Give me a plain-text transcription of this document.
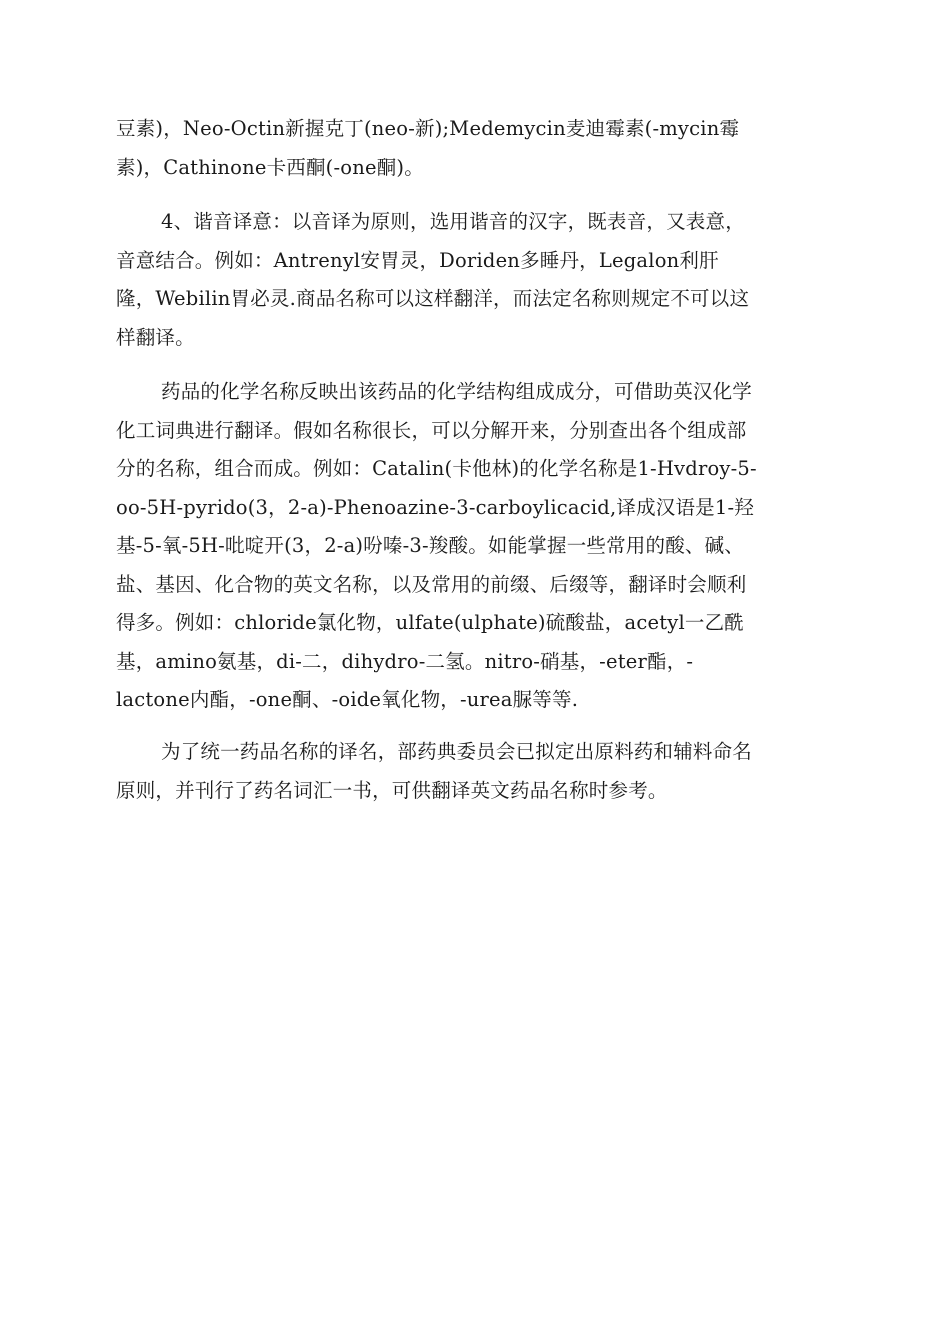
豆素)，Neo-Octin新握克丁(neo-新);Medemycin麦迪霉素(-mycin霉
素)，Cathinone卡西酮(-one酮)。

4、谐音译意：以音译为原则，选用谐音的汉字，既表音，又表意，
音意结合。例如：Antrenyl安胃灵，Doriden多睡丹，Legalon利肝
隆，Webilin胃必灵.商品名称可以这样翻洋，而法定名称则规定不可以这
样翻译。

药品的化学名称反映出该药品的化学结构组成成分，可借助英汉化学
化工词典进行翻译。假如名称很长，可以分解开来，分别查出各个组成部
分的名称，组合而成。例如：Catalin(卡他林)的化学名称是1-Hvdroy-5-
oo-5H-pyrido(3，2-a)-Phenoazine-3-carboylicacid,译成汉语是1-羟
基-5-氧-5H-吡啶开(3，2-a)吩嗪-3-羧酸。如能掌握一些常用的酸、碱、
盐、基因、化合物的英文名称，以及常用的前缀、后缀等，翻译时会顺利
得多。例如：chloride氯化物，ulfate(ulphate)硫酸盐，acetyl一乙酰
基，amino氨基，di-二，dihydro-二氢。nitro-硝基，-eter酯，-
lactone内酯，-one酮、-oide氧化物，-urea脲等等.

为了统一药品名称的译名，部药典委员会已拟定出原料药和辅料命名
原则，并刊行了药名词汇一书，可供翻译英文药品名称时参考。
